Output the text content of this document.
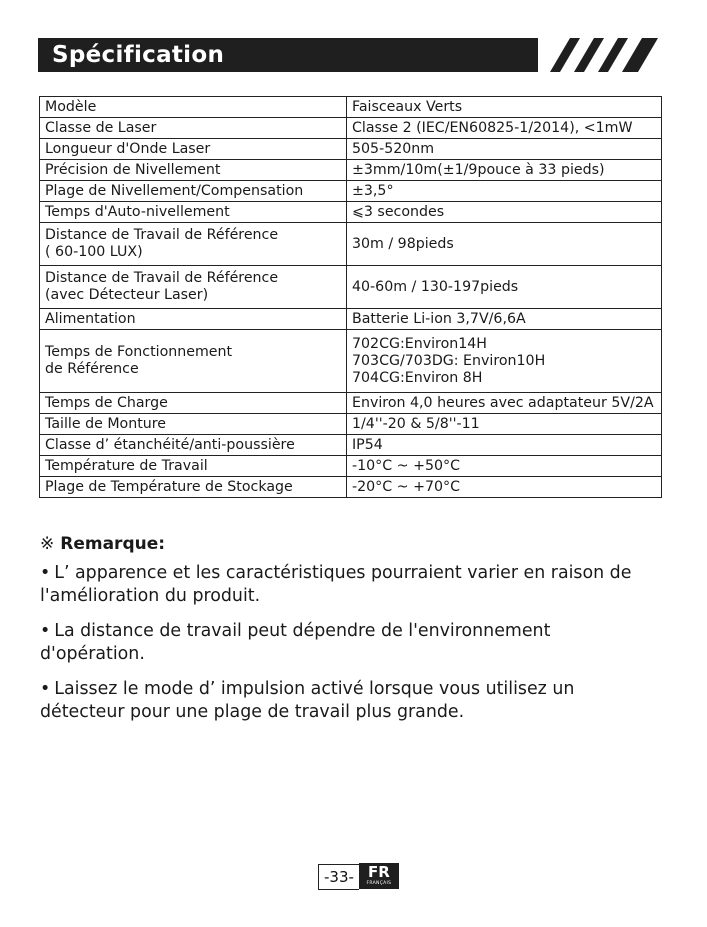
Spécification
Modèle	Faisceaux Verts

Classe de Laser	Classe 2 (IEC/EN60825-1/2014), <1mW

Longueur d'Onde Laser	505-520nm

Précision de Nivellement	±3mm/10m(±1/9pouce à 33 pieds)

Plage de Nivellement/Compensation	±3,5°

Temps d'Auto-nivellement	⩽3 secondes

Distance de Travail de Référence
( 60-100 LUX)	30m / 98pieds

Distance de Travail de Référence
(avec Détecteur Laser)	40-60m / 130-197pieds

Alimentation	Batterie Li-ion 3,7V/6,6A

Temps de Fonctionnement
de Référence	702CG:Environ14H
703CG/703DG: Environ10H
704CG:Environ 8H

Temps de Charge	Environ 4,0 heures avec adaptateur 5V/2A

Taille de Monture	1/4''-20 & 5/8''-11

Classe d’ étanchéité/anti-poussière	IP54

Température de Travail	-10°C ~ +50°C

Plage de Température de Stockage	-20°C ~ +70°C
※ Remarque:
• L’ apparence et les caractéristiques pourraient varier en raison de l'amélioration du produit.
• La distance de travail peut dépendre de l'environnement d'opération.
• Laissez le mode d’ impulsion activé lorsque vous utilisez un détecteur pour une plage de travail plus grande.
-33- FR
FRANÇAIS
